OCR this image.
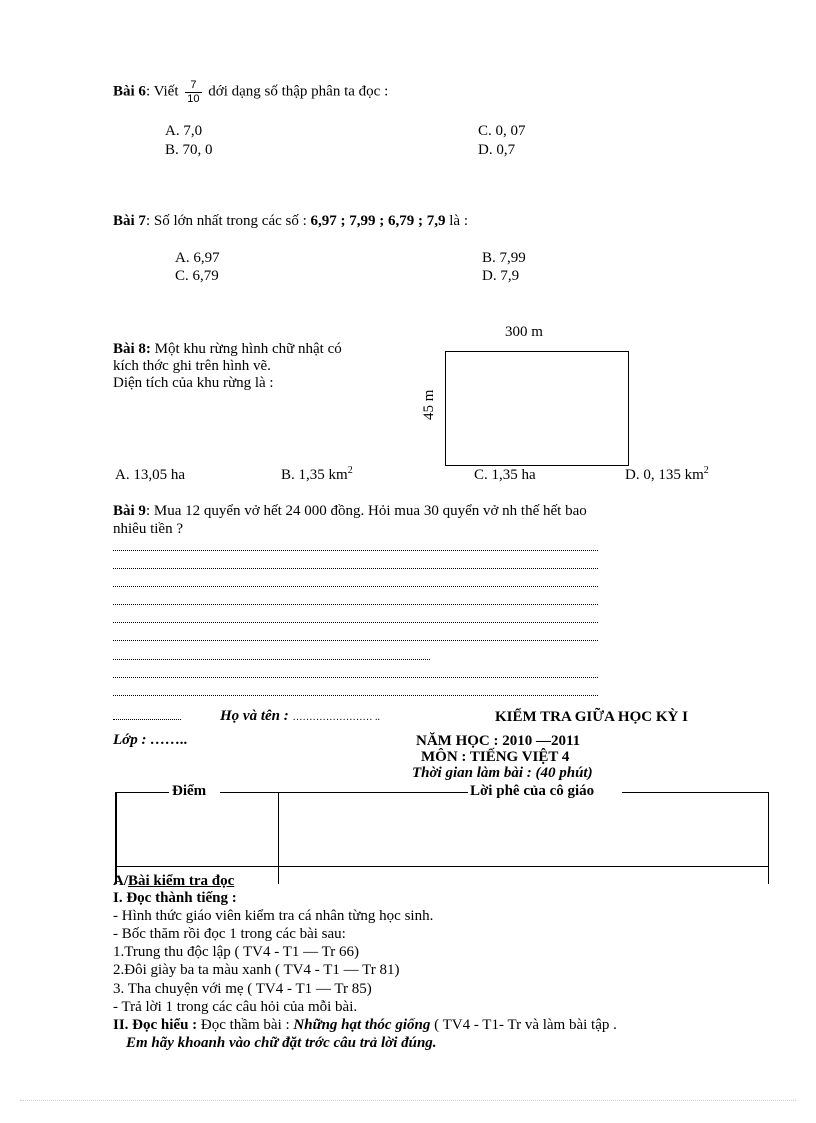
Bài 6: Viết $\frac{7}{10}$ dới dạng số thập phân ta đọc :
A. 7,0
B. 70, 0
C. 0, 07
D. 0,7
Bài 7: Số lớn nhất trong các số : 6,97 ; 7,99 ; 6,79 ; 7,9 là :
A. 6,97
C. 6,79
B. 7,99
D. 7,9
Bài 8: Một khu rừng hình chữ nhật có
kích thớc ghi trên hình vẽ.
Diện tích của khu rừng là :
300 m
45 m
A. 13,05 ha	B. 1,35 $km^2$	C. 1,35 ha	D. 0, 135 $km^2$
Bài 9: Mua 12 quyển vở hết 24 000 đồng. Hỏi mua 30 quyển vở nh thế hết bao
nhiêu tiền ?
Họ và tên : …………………… ..	KIỂM TRA GIỮA HỌC KỲ I
Lớp : ……..	NĂM HỌC : 2010 —2011
MÔN : TIẾNG VIỆT 4
Thời gian làm bài : (40 phút)
Điểm	Lời phê của cô giáo
A/Bài kiểm tra đọc
I. Đọc thành tiếng :
- Hình thức giáo viên kiểm tra cá nhân từng học sinh.
- Bốc thăm rồi đọc 1 trong các bài sau:
1.Trung thu độc lập ( TV4 - T1 — Tr 66)
2.Đôi giày ba ta màu xanh ( TV4 - T1 — Tr 81)
3. Tha chuyện với mẹ ( TV4 - T1 — Tr 85)
- Trả lời 1 trong các câu hỏi của mỗi bài.
II. Đọc hiểu : Đọc thầm bài : Những hạt thóc giống ( TV4 - T1- Tr và làm bài tập .
Em hãy khoanh vào chữ đặt trớc câu trả lời đúng.
